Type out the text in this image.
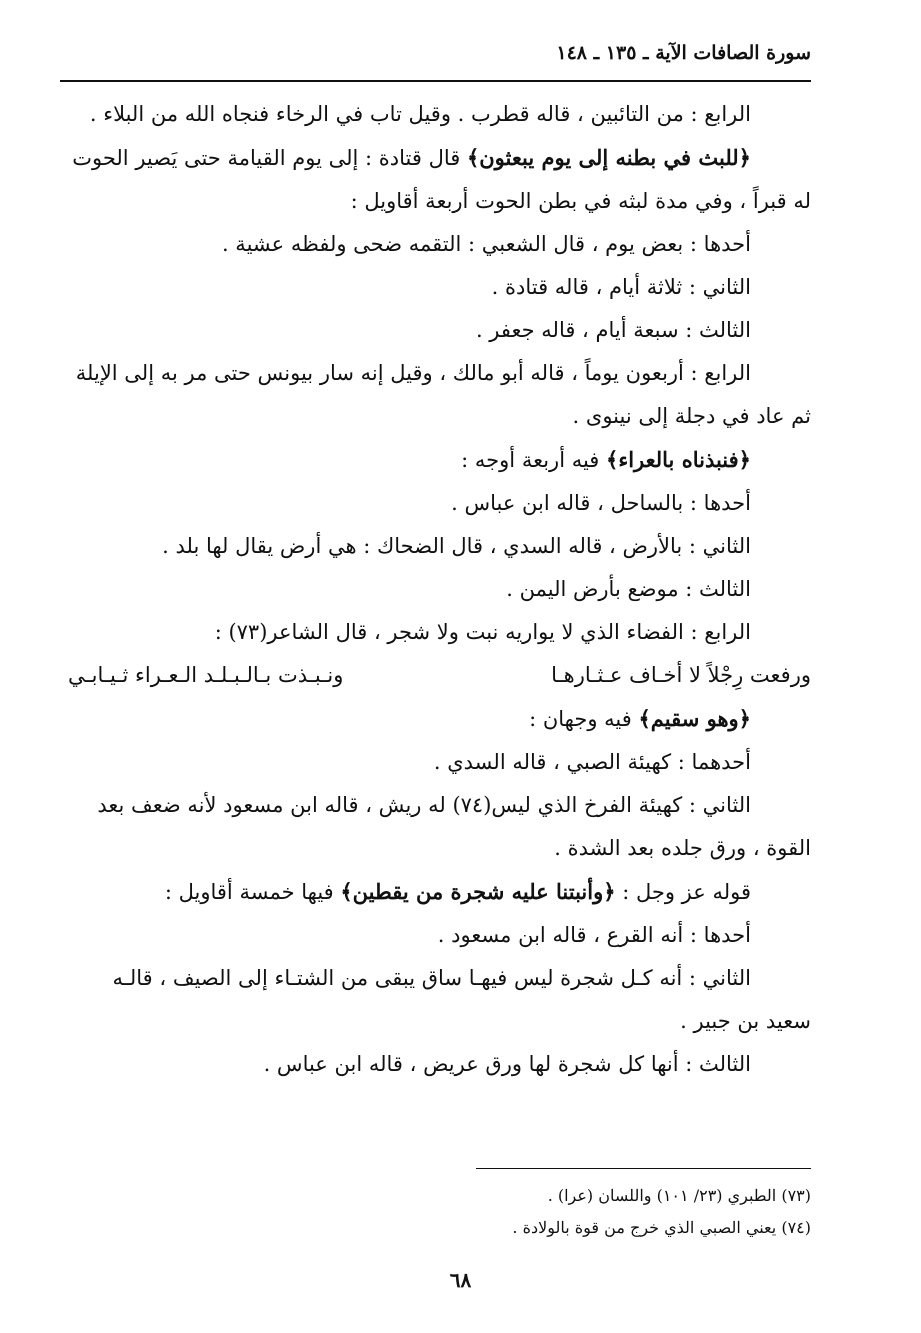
سورة الصافات الآية ـ ١٣٥ ـ ١٤٨

الرابع : من التائبين ، قاله قطرب . وقيل تاب في الرخاء فنجاه الله من البلاء .

﴿للبث في بطنه إلى يوم يبعثون﴾ قال قتادة : إلى يوم القيامة حتى يَصير الحوت

له قبراً ، وفي مدة لبثه في بطن الحوت أربعة أقاويل :

أحدها : بعض يوم ، قال الشعبي : التقمه ضحى ولفظه عشية .

الثاني : ثلاثة أيام ، قاله قتادة .

الثالث : سبعة أيام ، قاله جعفر .

الرابع : أربعون يوماً ، قاله أبو مالك ، وقيل إنه سار بيونس حتى مر به إلى الإيلة

ثم عاد في دجلة إلى نينوى .

﴿فنبذناه بالعراء﴾ فيه أربعة أوجه :

أحدها : بالساحل ، قاله ابن عباس .

الثاني : بالأرض ، قاله السدي ، قال الضحاك : هي أرض يقال لها بلد .

الثالث : موضع بأرض اليمن .

الرابع : الفضاء الذي لا يواريه نبت ولا شجر ، قال الشاعر(٧٣) :

ورفعت رِجْلاً لا أخـاف عـثـارهـا
ونـبـذت بـالـبـلـد الـعـراء ثـيـابـي

﴿وهو سقيم﴾ فيه وجهان :

أحدهما : كهيئة الصبي ، قاله السدي .

الثاني : كهيئة الفرخ الذي ليس(٧٤) له ريش ، قاله ابن مسعود لأنه ضعف بعد

القوة ، ورق جلده بعد الشدة .

قوله عز وجل : ﴿وأنبتنا عليه شجرة من يقطين﴾ فيها خمسة أقاويل :

أحدها : أنه القرع ، قاله ابن مسعود .

الثاني : أنه كـل شجرة ليس فيهـا ساق يبقى من الشتـاء إلى الصيف ، قالـه

سعيد بن جبير .

الثالث : أنها كل شجرة لها ورق عريض ، قاله ابن عباس .

(٧٣) الطبري (٢٣/ ١٠١) واللسان (عرا) .
(٧٤) يعني الصبي الذي خرج من قوة بالولادة .
٦٨
